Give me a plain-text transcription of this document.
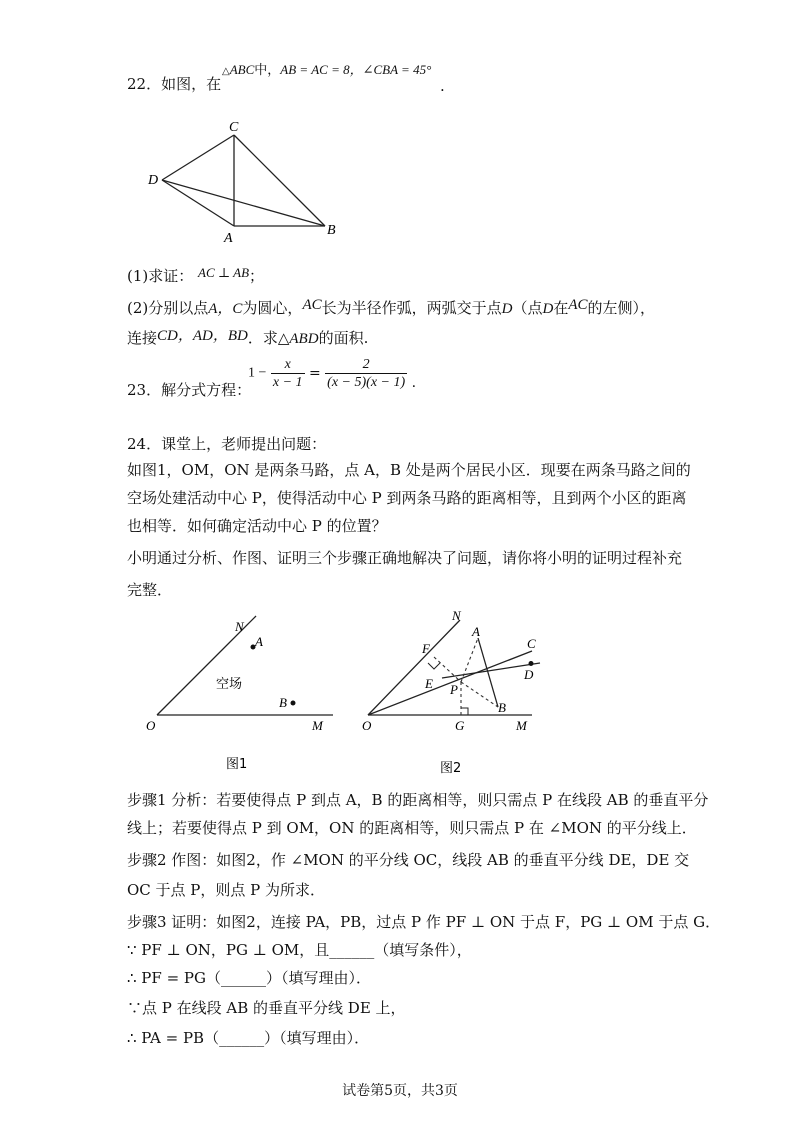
22．如图，在
△ABC中，AB = AC = 8，∠CBA = 45°
.
C
D
A
B
(1)求证： AC ⊥ AB；
(2)分别以点A，C为圆心，AC长为半径作弧，两弧交于点D（点D在AC的左侧），
连接CD，AD，BD．求△ABD的面积.
23．解分式方程：
$1 - \frac{x}{x - 1} = \frac{2}{(x - 5)(x - 1)}$ .
24．课堂上，老师提出问题：
如图1，OM，ON 是两条马路，点 A，B 处是两个居民小区．现要在两条马路之间的
空场处建活动中心 P，使得活动中心 P 到两条马路的距离相等，且到两个小区的距离
也相等．如何确定活动中心 P 的位置？
小明通过分析、作图、证明三个步骤正确地解决了问题，请你将小明的证明过程补充
完整．
N
A
空场
B
O	M
图1
N
F
A
C
E P
D
B
O	G	M
图2
步骤1 分析：若要使得点 P 到点 A，B 的距离相等，则只需点 P 在线段 AB 的垂直平分
线上；若要使得点 P 到 OM，ON 的距离相等，则只需点 P 在 ∠MON 的平分线上．
步骤2 作图：如图2，作 ∠MON 的平分线 OC，线段 AB 的垂直平分线 DE，DE 交
OC 于点 P，则点 P 为所求．
步骤3 证明：如图2，连接 PA，PB，过点 P 作 PF ⊥ ON 于点 F，PG ⊥ OM 于点 G．
∵ PF ⊥ ON，PG ⊥ OM，且______（填写条件），
∴ PF = PG（______）（填写理由）．
∵点 P 在线段 AB 的垂直平分线 DE 上，
∴ PA = PB（______）（填写理由）．
试卷第5页，共3页
